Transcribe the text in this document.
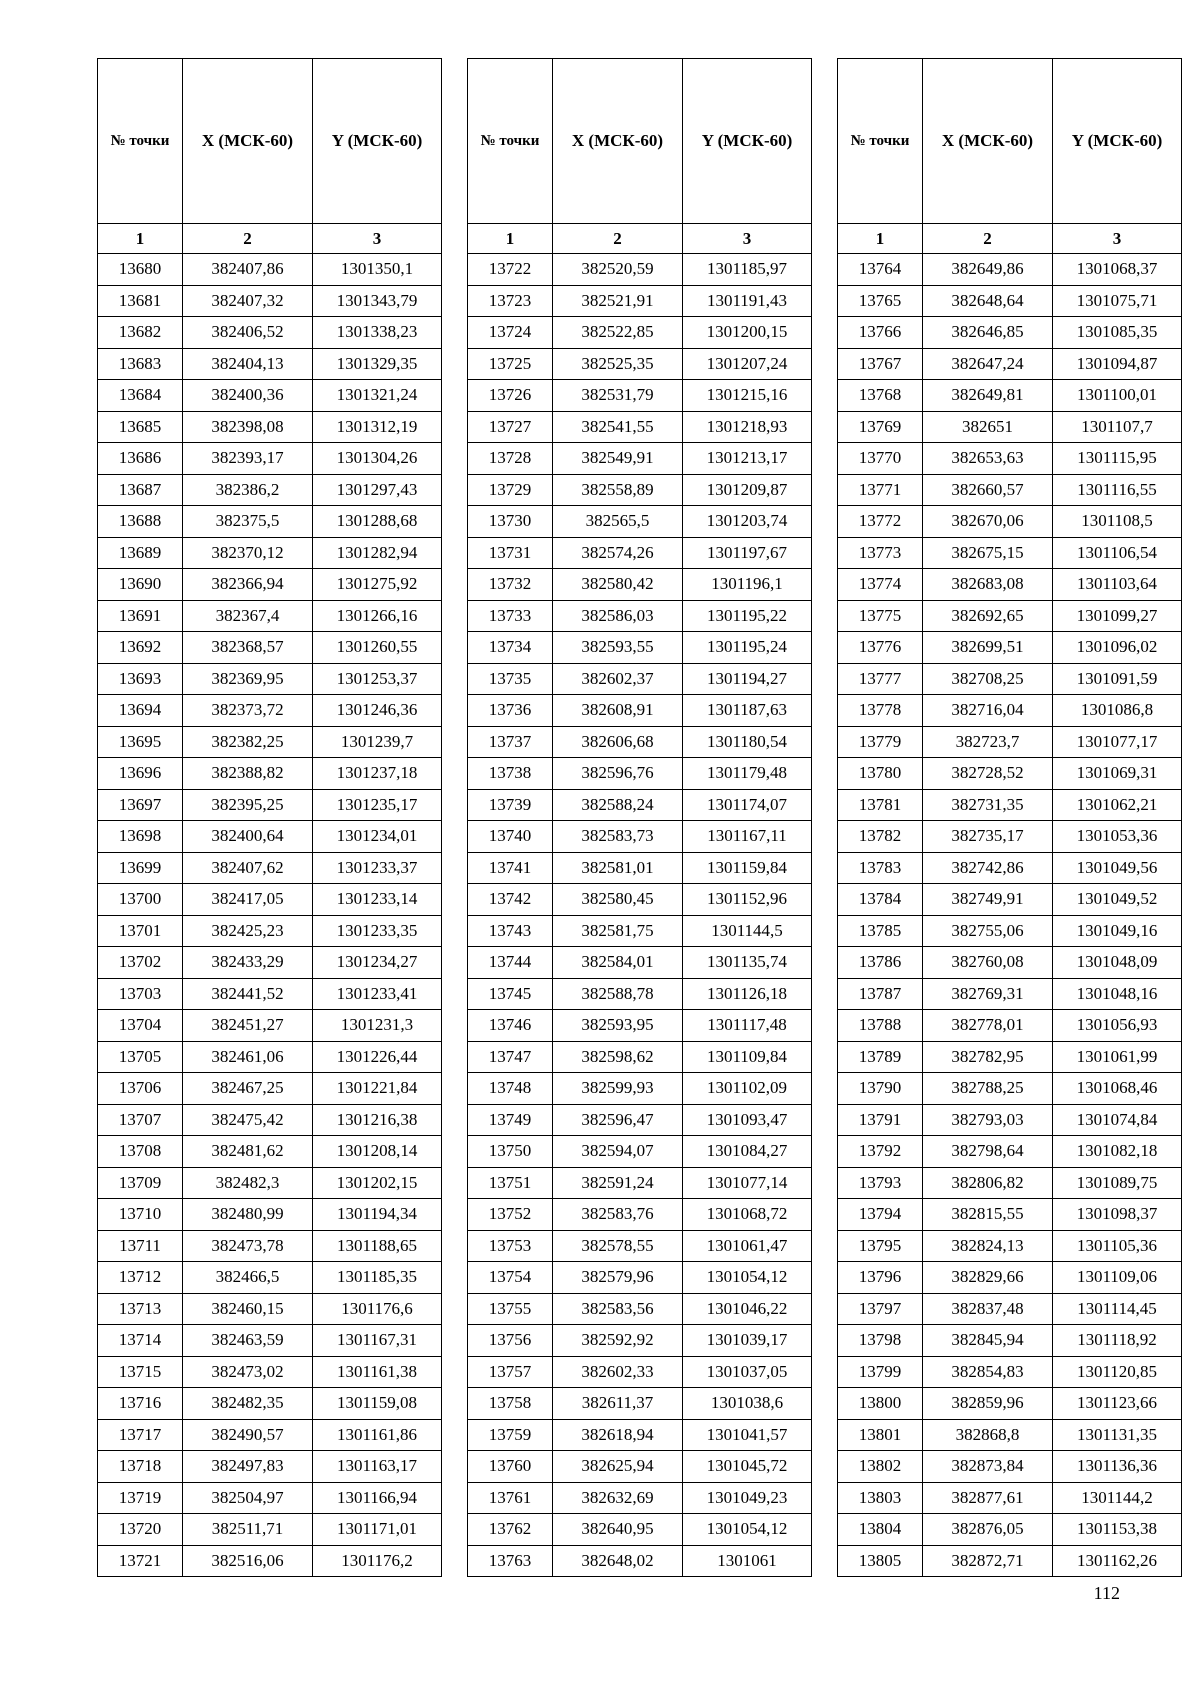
№ точки	X (МСК-60)	Y (МСК-60)
1	2	3
13680	382407,86	1301350,1
13681	382407,32	1301343,79
13682	382406,52	1301338,23
13683	382404,13	1301329,35
13684	382400,36	1301321,24
13685	382398,08	1301312,19
13686	382393,17	1301304,26
13687	382386,2	1301297,43
13688	382375,5	1301288,68
13689	382370,12	1301282,94
13690	382366,94	1301275,92
13691	382367,4	1301266,16
13692	382368,57	1301260,55
13693	382369,95	1301253,37
13694	382373,72	1301246,36
13695	382382,25	1301239,7
13696	382388,82	1301237,18
13697	382395,25	1301235,17
13698	382400,64	1301234,01
13699	382407,62	1301233,37
13700	382417,05	1301233,14
13701	382425,23	1301233,35
13702	382433,29	1301234,27
13703	382441,52	1301233,41
13704	382451,27	1301231,3
13705	382461,06	1301226,44
13706	382467,25	1301221,84
13707	382475,42	1301216,38
13708	382481,62	1301208,14
13709	382482,3	1301202,15
13710	382480,99	1301194,34
13711	382473,78	1301188,65
13712	382466,5	1301185,35
13713	382460,15	1301176,6
13714	382463,59	1301167,31
13715	382473,02	1301161,38
13716	382482,35	1301159,08
13717	382490,57	1301161,86
13718	382497,83	1301163,17
13719	382504,97	1301166,94
13720	382511,71	1301171,01
13721	382516,06	1301176,2
№ точки	X (МСК-60)	Y (МСК-60)
1	2	3
13722	382520,59	1301185,97
13723	382521,91	1301191,43
13724	382522,85	1301200,15
13725	382525,35	1301207,24
13726	382531,79	1301215,16
13727	382541,55	1301218,93
13728	382549,91	1301213,17
13729	382558,89	1301209,87
13730	382565,5	1301203,74
13731	382574,26	1301197,67
13732	382580,42	1301196,1
13733	382586,03	1301195,22
13734	382593,55	1301195,24
13735	382602,37	1301194,27
13736	382608,91	1301187,63
13737	382606,68	1301180,54
13738	382596,76	1301179,48
13739	382588,24	1301174,07
13740	382583,73	1301167,11
13741	382581,01	1301159,84
13742	382580,45	1301152,96
13743	382581,75	1301144,5
13744	382584,01	1301135,74
13745	382588,78	1301126,18
13746	382593,95	1301117,48
13747	382598,62	1301109,84
13748	382599,93	1301102,09
13749	382596,47	1301093,47
13750	382594,07	1301084,27
13751	382591,24	1301077,14
13752	382583,76	1301068,72
13753	382578,55	1301061,47
13754	382579,96	1301054,12
13755	382583,56	1301046,22
13756	382592,92	1301039,17
13757	382602,33	1301037,05
13758	382611,37	1301038,6
13759	382618,94	1301041,57
13760	382625,94	1301045,72
13761	382632,69	1301049,23
13762	382640,95	1301054,12
13763	382648,02	1301061
№ точки	X (МСК-60)	Y (МСК-60)
1	2	3
13764	382649,86	1301068,37
13765	382648,64	1301075,71
13766	382646,85	1301085,35
13767	382647,24	1301094,87
13768	382649,81	1301100,01
13769	382651	1301107,7
13770	382653,63	1301115,95
13771	382660,57	1301116,55
13772	382670,06	1301108,5
13773	382675,15	1301106,54
13774	382683,08	1301103,64
13775	382692,65	1301099,27
13776	382699,51	1301096,02
13777	382708,25	1301091,59
13778	382716,04	1301086,8
13779	382723,7	1301077,17
13780	382728,52	1301069,31
13781	382731,35	1301062,21
13782	382735,17	1301053,36
13783	382742,86	1301049,56
13784	382749,91	1301049,52
13785	382755,06	1301049,16
13786	382760,08	1301048,09
13787	382769,31	1301048,16
13788	382778,01	1301056,93
13789	382782,95	1301061,99
13790	382788,25	1301068,46
13791	382793,03	1301074,84
13792	382798,64	1301082,18
13793	382806,82	1301089,75
13794	382815,55	1301098,37
13795	382824,13	1301105,36
13796	382829,66	1301109,06
13797	382837,48	1301114,45
13798	382845,94	1301118,92
13799	382854,83	1301120,85
13800	382859,96	1301123,66
13801	382868,8	1301131,35
13802	382873,84	1301136,36
13803	382877,61	1301144,2
13804	382876,05	1301153,38
13805	382872,71	1301162,26
112
